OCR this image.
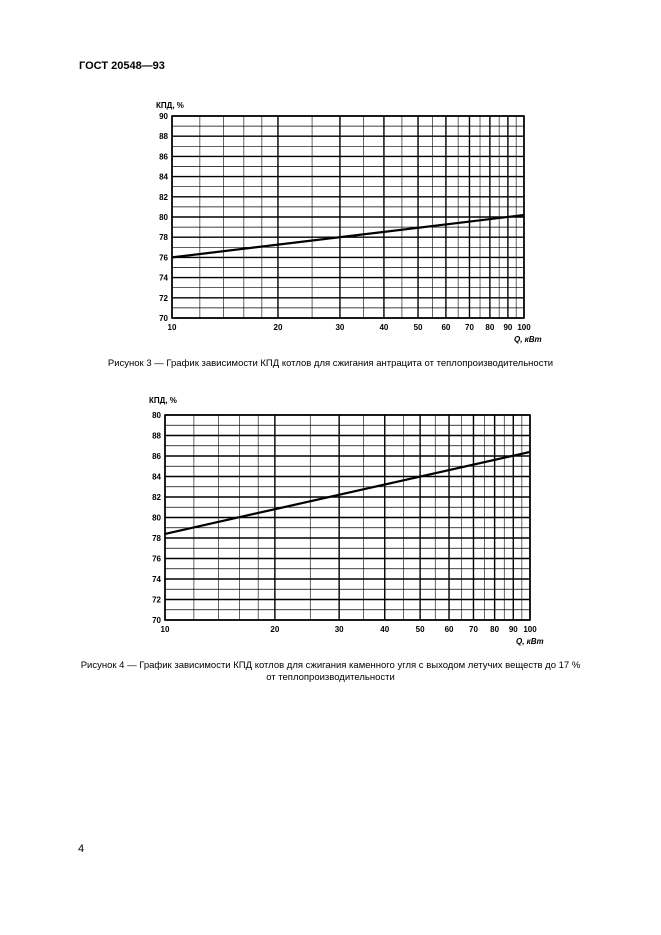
ГОСТ 20548—93
70
72
74
76
78
80
82
84
86
88
90
10	20	30	40	50 60 70 80 90 100
КПД, %
Q, кВт
70
72
74
76
78
80
82
84
86
88
80
10	20	30	40	50 60 70 80 90 100
КПД, %
Q, кВт
Рисунок 3 — График зависимости КПД котлов для сжигания антрацита от теплопроизводительности
Рисунок 4 — График зависимости КПД котлов для сжигания каменного угля с выходом летучих веществ до 17 %
от теплопроизводительности
4
